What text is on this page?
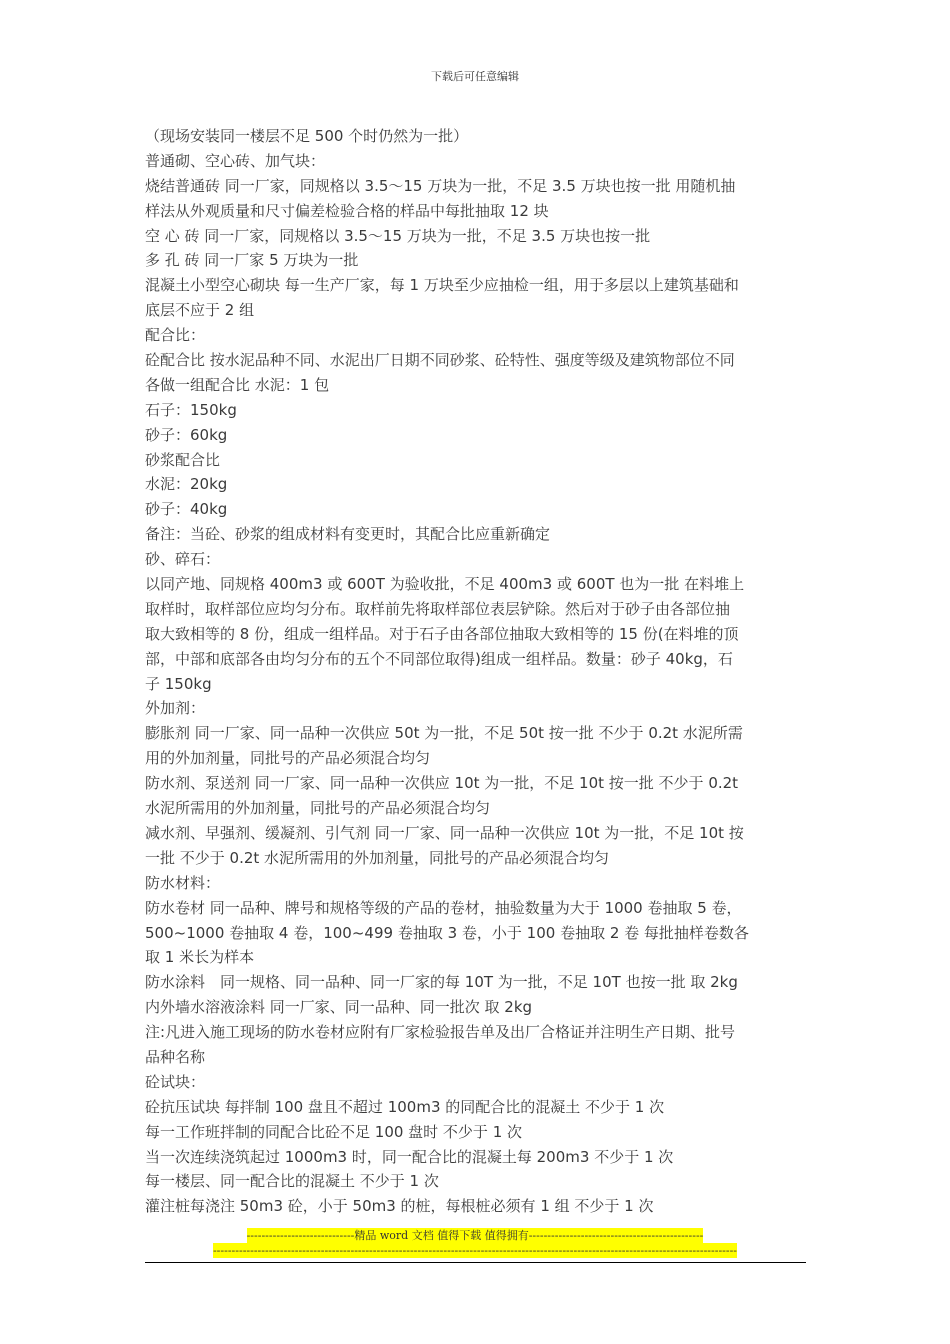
下载后可任意编辑
（现场安装同一楼层不足 500 个时仍然为一批）
普通砌、空心砖、加气块：
烧结普通砖 同一厂家，同规格以 3.5～15 万块为一批，不足 3.5 万块也按一批 用随机抽
样法从外观质量和尺寸偏差检验合格的样品中每批抽取 12 块
空 心 砖 同一厂家，同规格以 3.5～15 万块为一批，不足 3.5 万块也按一批
多 孔 砖 同一厂家 5 万块为一批
混凝土小型空心砌块 每一生产厂家，每 1 万块至少应抽检一组，用于多层以上建筑基础和
底层不应于 2 组
配合比：
砼配合比 按水泥品种不同、水泥出厂日期不同砂浆、砼特性、强度等级及建筑物部位不同
各做一组配合比 水泥：1 包
石子：150kg
砂子：60kg
砂浆配合比
水泥：20kg
砂子：40kg
备注：当砼、砂浆的组成材料有变更时，其配合比应重新确定
砂、碎石：
以同产地、同规格 400m3 或 600T 为验收批，不足 400m3 或 600T 也为一批 在料堆上
取样时，取样部位应均匀分布。取样前先将取样部位表层铲除。然后对于砂子由各部位抽
取大致相等的 8 份，组成一组样品。对于石子由各部位抽取大致相等的 15 份(在料堆的顶
部，中部和底部各由均匀分布的五个不同部位取得)组成一组样品。数量：砂子 40kg，石
子 150kg
外加剂：
膨胀剂 同一厂家、同一品种一次供应 50t 为一批，不足 50t 按一批 不少于 0.2t 水泥所需
用的外加剂量，同批号的产品必须混合均匀
防水剂、泵送剂 同一厂家、同一品种一次供应 10t 为一批，不足 10t 按一批 不少于 0.2t
水泥所需用的外加剂量，同批号的产品必须混合均匀
减水剂、早强剂、缓凝剂、引气剂 同一厂家、同一品种一次供应 10t 为一批，不足 10t 按
一批 不少于 0.2t 水泥所需用的外加剂量，同批号的产品必须混合均匀
防水材料：
防水卷材 同一品种、牌号和规格等级的产品的卷材，抽验数量为大于 1000 卷抽取 5 卷，
500~1000 卷抽取 4 卷，100~499 卷抽取 3 卷，小于 100 卷抽取 2 卷 每批抽样卷数各
取 1 米长为样本
防水涂料　同一规格、同一品种、同一厂家的每 10T 为一批，不足 10T 也按一批 取 2kg
内外墙水溶液涂料 同一厂家、同一品种、同一批次 取 2kg
注:凡进入施工现场的防水卷材应附有厂家检验报告单及出厂合格证并注明生产日期、批号
品种名称
砼试块：
砼抗压试块 每拌制 100 盘且不超过 100m3 的同配合比的混凝土 不少于 1 次
每一工作班拌制的同配合比砼不足 100 盘时 不少于 1 次
当一次连续浇筑起过 1000m3 时，同一配合比的混凝土每 200m3 不少于 1 次
每一楼层、同一配合比的混凝土 不少于 1 次
灌注桩每浇注 50m3 砼，小于 50m3 的桩，每根桩必须有 1 组 不少于 1 次
-----------------------------精品 word 文档 值得下载 值得拥有-----------------------------------------------
---------------------------------------------------------------------------------------------------------------------------------------------
